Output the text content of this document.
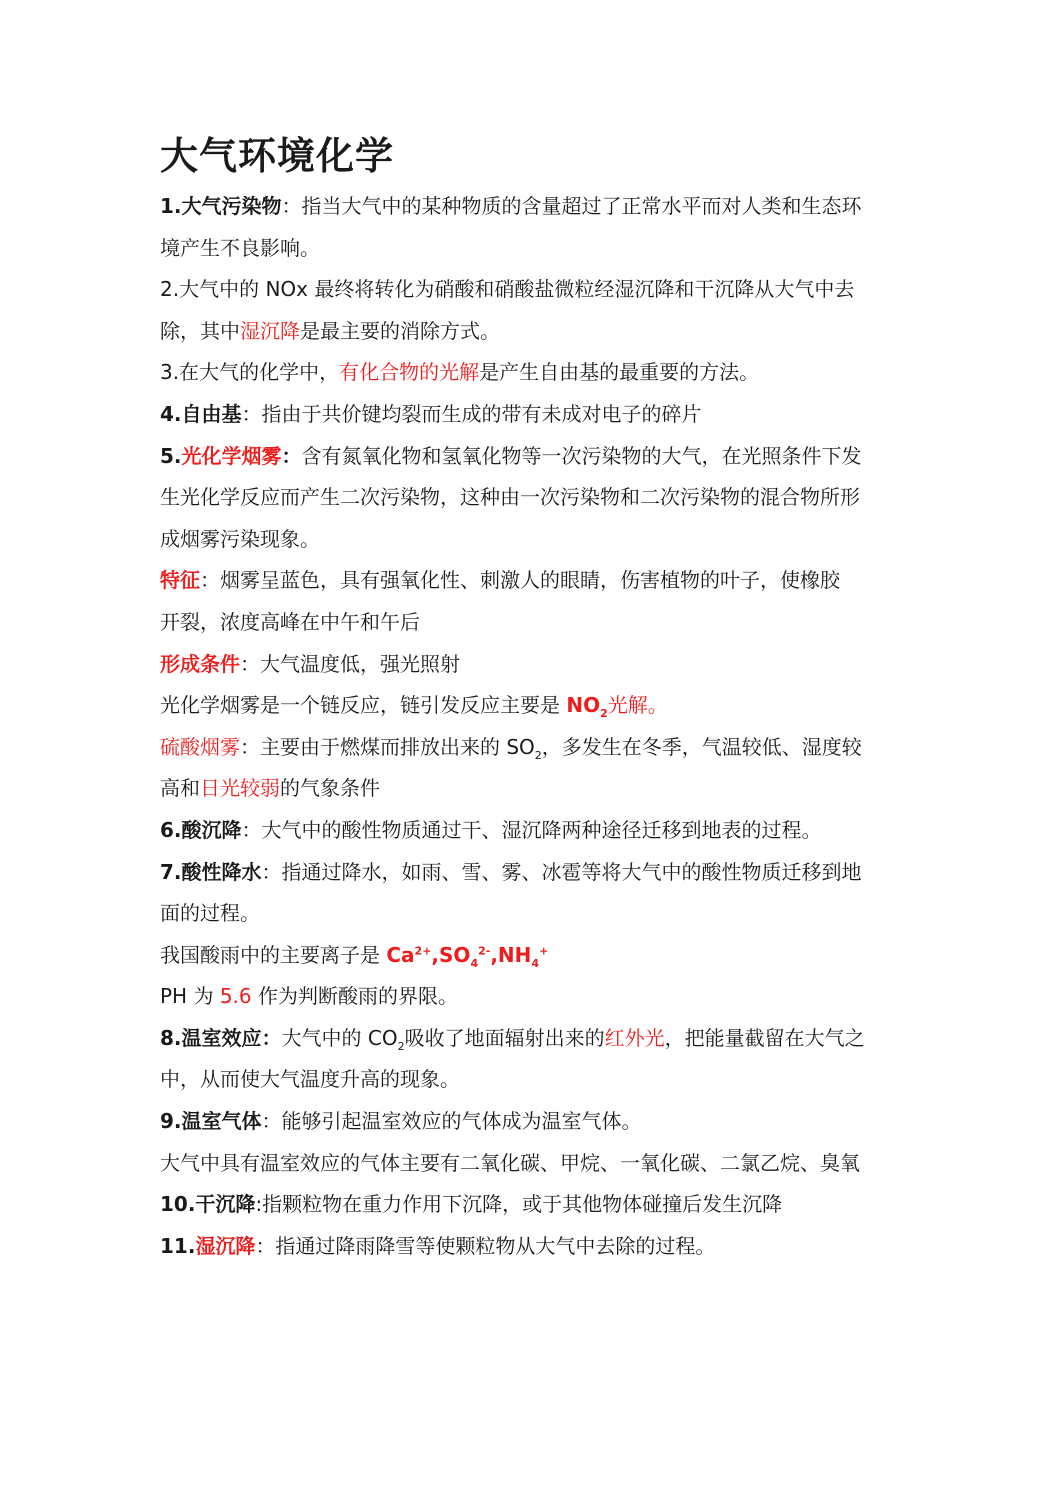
大气环境化学

1.大气污染物：指当大气中的某种物质的含量超过了正常水平而对人类和生态环

境产生不良影响。

2.大气中的 NOx 最终将转化为硝酸和硝酸盐微粒经湿沉降和干沉降从大气中去

除，其中湿沉降是最主要的消除方式。

3.在大气的化学中，有化合物的光解是产生自由基的最重要的方法。

4.自由基：指由于共价键均裂而生成的带有未成对电子的碎片

5.光化学烟雾：含有氮氧化物和氢氧化物等一次污染物的大气，在光照条件下发

生光化学反应而产生二次污染物，这种由一次污染物和二次污染物的混合物所形

成烟雾污染现象。

特征：烟雾呈蓝色，具有强氧化性、刺激人的眼睛，伤害植物的叶子，使橡胶

开裂，浓度高峰在中午和午后

形成条件：大气温度低，强光照射

光化学烟雾是一个链反应，链引发反应主要是 $NO_2$光解。

硫酸烟雾：主要由于燃煤而排放出来的 $SO_2$，多发生在冬季，气温较低、湿度较

高和日光较弱的气象条件

6.酸沉降：大气中的酸性物质通过干、湿沉降两种途径迁移到地表的过程。

7.酸性降水：指通过降水，如雨、雪、雾、冰雹等将大气中的酸性物质迁移到地

面的过程。

我国酸雨中的主要离子是 $Ca^{2+},SO_4^{2-},NH_4^+$

PH 为 5.6 作为判断酸雨的界限。

8.温室效应：大气中的 $CO_2$吸收了地面辐射出来的红外光，把能量截留在大气之

中，从而使大气温度升高的现象。

9.温室气体：能够引起温室效应的气体成为温室气体。

大气中具有温室效应的气体主要有二氧化碳、甲烷、一氧化碳、二氯乙烷、臭氧

10.干沉降:指颗粒物在重力作用下沉降，或于其他物体碰撞后发生沉降

11.湿沉降：指通过降雨降雪等使颗粒物从大气中去除的过程。
